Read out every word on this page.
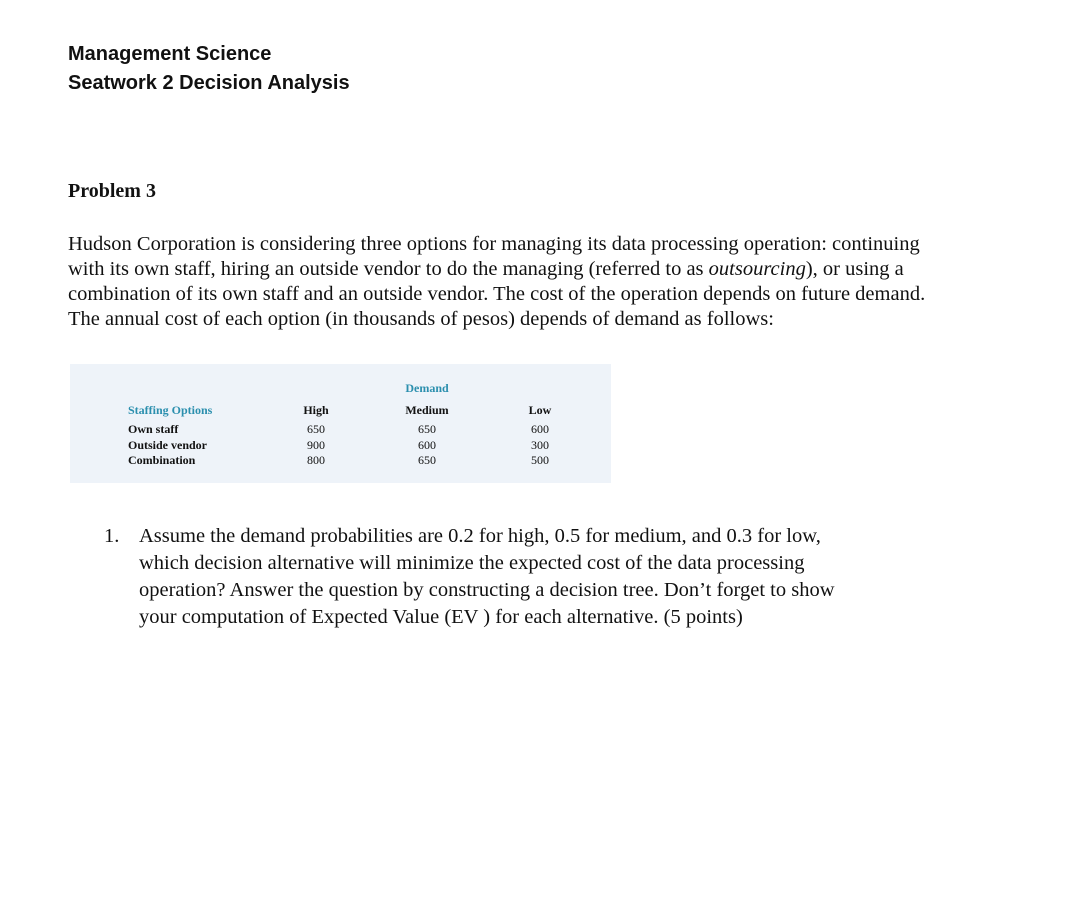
Management Science
Seatwork 2 Decision Analysis
Problem 3

Hudson Corporation is considering three options for managing its data processing operation: continuing
with its own staff, hiring an outside vendor to do the managing (referred to as outsourcing), or using a
combination of its own staff and an outside vendor. The cost of the operation depends on future demand.
The annual cost of each option (in thousands of pesos) depends of demand as follows:

Demand
Staffing Options	High	Medium	Low
Own staff	650	650	600
Outside vendor	900	600	300
Combination	800	650	500
1. Assume the demand probabilities are 0.2 for high, 0.5 for medium, and 0.3 for low,
which decision alternative will minimize the expected cost of the data processing
operation? Answer the question by constructing a decision tree. Don’t forget to show
your computation of Expected Value (EV ) for each alternative. (5 points)
